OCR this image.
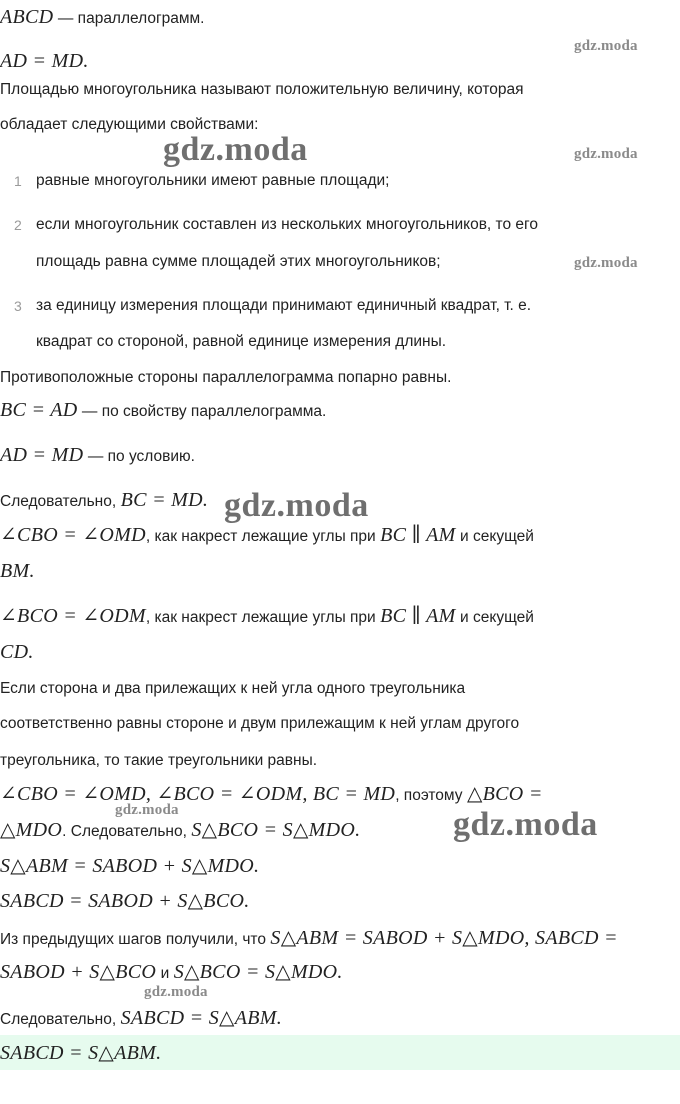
ABCD — параллелограмм.
AD = MD.
Площадью многоугольника называют положительную величину, которая
обладает следующими свойствами:
1 равные многоугольники имеют равные площади;
2 если многоугольник составлен из нескольких многоугольников, то его
площадь равна сумме площадей этих многоугольников;
3 за единицу измерения площади принимают единичный квадрат, т. е.
квадрат со стороной, равной единице измерения длины.
Противоположные стороны параллелограмма попарно равны.
BC = AD — по свойству параллелограмма.
AD = MD — по условию.
Следовательно, BC = MD.
∠CBO = ∠OMD, как накрест лежащие углы при BC ∥ AM и секущей
BM.
∠BCO = ∠ODM, как накрест лежащие углы при BC ∥ AM и секущей
CD.
Если сторона и два прилежащих к ней угла одного треугольника
соответственно равны стороне и двум прилежащим к ней углам другого
треугольника, то такие треугольники равны.
∠CBO = ∠OMD, ∠BCO = ∠ODM, BC = MD, поэтому △BCO =
△MDO. Следовательно, S△BCO = S△MDO.
S△ABM = SABOD + S△MDO.
SABCD = SABOD + S△BCO.
Из предыдущих шагов получили, что S△ABM = SABOD + S△MDO, SABCD =
SABOD + S△BCO и S△BCO = S△MDO.
Следовательно, SABCD = S△ABM.
SABCD = S△ABM.
gdz.moda
gdz.moda	gdz.moda
gdz.moda
gdz.moda
gdz.moda	gdz.moda
gdz.moda
